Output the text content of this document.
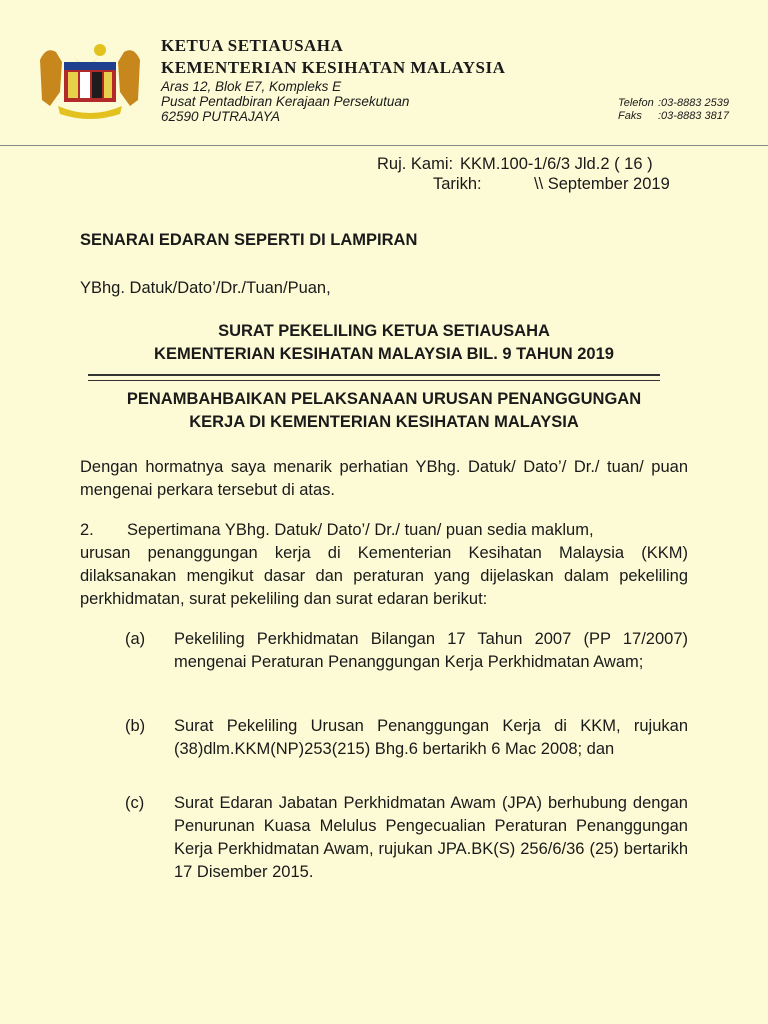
KETUA SETIAUSAHA
KEMENTERIAN KESIHATAN MALAYSIA
Aras 12, Blok E7, Kompleks E
Pusat Pentadbiran Kerajaan Persekutuan
62590 PUTRAJAYA
Telefon :03-8883 2539
Faks :03-8883 3817
Ruj. Kami: KKM.100-1/6/3 Jld.2 ( 16 )
Tarikh:	\\ September 2019
SENARAI EDARAN SEPERTI DI LAMPIRAN
YBhg. Datuk/Dato’/Dr./Tuan/Puan,
SURAT PEKELILING KETUA SETIAUSAHA
KEMENTERIAN KESIHATAN MALAYSIA BIL. 9 TAHUN 2019
PENAMBAHBAIKAN PELAKSANAAN URUSAN PENANGGUNGAN
KERJA DI KEMENTERIAN KESIHATAN MALAYSIA
Dengan hormatnya saya menarik perhatian YBhg. Datuk/ Dato’/ Dr./ tuan/ puan mengenai perkara tersebut di atas.
2. Sepertimana YBhg. Datuk/ Dato’/ Dr./ tuan/ puan sedia maklum,
urusan penanggungan kerja di Kementerian Kesihatan Malaysia (KKM) dilaksanakan mengikut dasar dan peraturan yang dijelaskan dalam pekeliling perkhidmatan, surat pekeliling dan surat edaran berikut:
(a) Pekeliling Perkhidmatan Bilangan 17 Tahun 2007 (PP 17/2007) mengenai Peraturan Penanggungan Kerja Perkhidmatan Awam;
(b) Surat Pekeliling Urusan Penanggungan Kerja di KKM, rujukan (38)dlm.KKM(NP)253(215) Bhg.6 bertarikh 6 Mac 2008; dan
(c) Surat Edaran Jabatan Perkhidmatan Awam (JPA) berhubung dengan Penurunan Kuasa Melulus Pengecualian Peraturan Penanggungan Kerja Perkhidmatan Awam, rujukan JPA.BK(S) 256/6/36 (25) bertarikh 17 Disember 2015.
